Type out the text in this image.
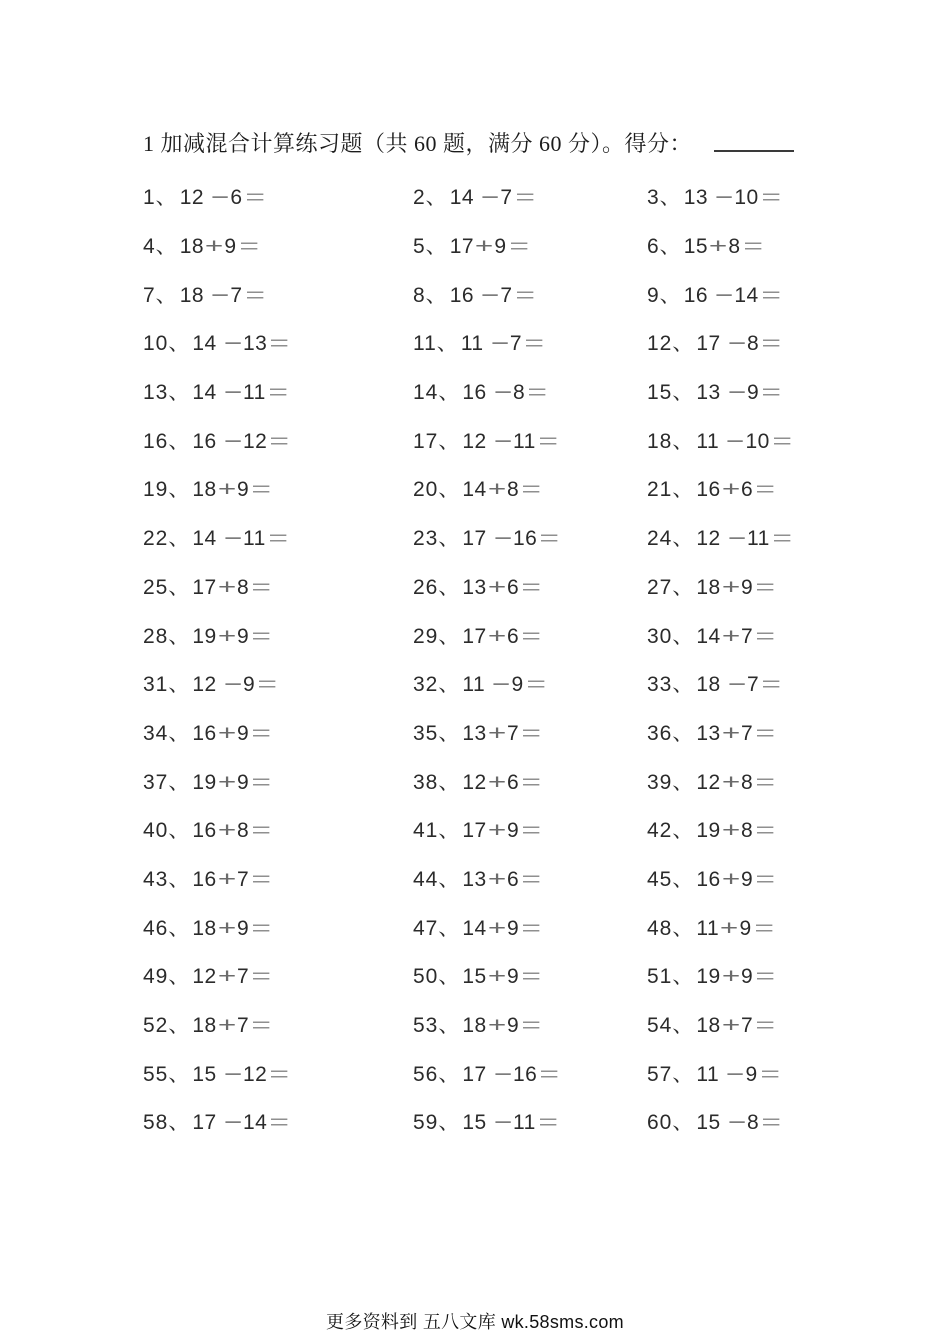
1 加减混合计算练习题（共 60 题，满分 60 分）。得分：
1、12 −6 =	2、14 −7 =	3、13 −10 =
4、18+9 =	5、17+9 =	6、15+8 =
7、18 −7 =	8、16 −7 =	9、16 −14 =
10、14 −13 =	11、11 −7 =	12、17 −8 =
13、14 −11 =	14、16 −8 =	15、13 −9 =
16、16 −12 =	17、12 −11 =	18、11 −10 =
19、18+9 =	20、14+8 =	21、16+6 =
22、14 −11 =	23、17 −16 =	24、12 −11 =
25、17+8 =	26、13+6 =	27、18+9 =
28、19+9 =	29、17+6 =	30、14+7 =
31、12 −9 =	32、11 −9 =	33、18 −7 =
34、16+9 =	35、13+7 =	36、13+7 =
37、19+9 =	38、12+6 =	39、12+8 =
40、16+8 =	41、17+9 =	42、19+8 =
43、16+7 =	44、13+6 =	45、16+9 =
46、18+9 =	47、14+9 =	48、11+9 =
49、12+7 =	50、15+9 =	51、19+9 =
52、18+7 =	53、18+9 =	54、18+7 =
55、15 −12 =	56、17 −16 =	57、11 −9 =
58、17 −14 =	59、15 −11 =	60、15 −8 =
更多资料到 五八文库 wk.58sms.com
